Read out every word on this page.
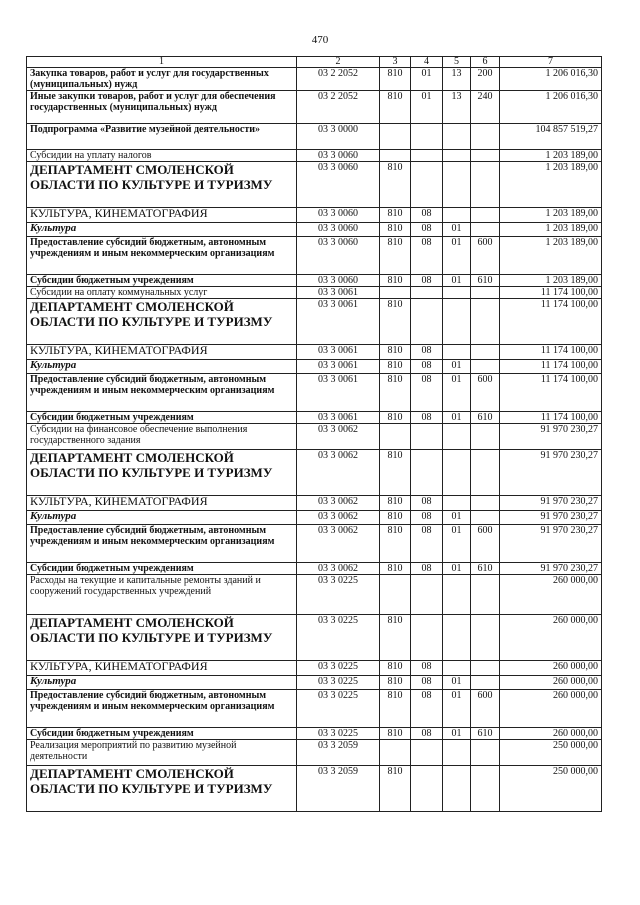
470
1	2	3	4	5	6	7
Закупка товаров, работ и услуг для государственных (муниципальных) нужд	03 2 2052	810	01	13	200	1 206 016,30
Иные закупки товаров, работ и услуг для обеспечения государственных (муниципальных) нужд	03 2 2052	810	01	13	240	1 206 016,30
Подпрограмма «Развитие музейной деятельности»	03 3 0000					104 857 519,27
Субсидии на уплату налогов	03 3 0060					1 203 189,00
ДЕПАРТАМЕНТ СМОЛЕНСКОЙ ОБЛАСТИ ПО КУЛЬТУРЕ И ТУРИЗМУ	03 3 0060	810				1 203 189,00
КУЛЬТУРА, КИНЕМАТОГРАФИЯ	03 3 0060	810	08			1 203 189,00
Культура	03 3 0060	810	08	01		1 203 189,00
Предоставление субсидий бюджетным, автономным учреждениям и иным некоммерческим организациям	03 3 0060	810	08	01	600	1 203 189,00
Субсидии бюджетным учреждениям	03 3 0060	810	08	01	610	1 203 189,00
Субсидии на оплату коммунальных услуг	03 3 0061					11 174 100,00
ДЕПАРТАМЕНТ СМОЛЕНСКОЙ ОБЛАСТИ ПО КУЛЬТУРЕ И ТУРИЗМУ	03 3 0061	810				11 174 100,00
КУЛЬТУРА, КИНЕМАТОГРАФИЯ	03 3 0061	810	08			11 174 100,00
Культура	03 3 0061	810	08	01		11 174 100,00
Предоставление субсидий бюджетным, автономным учреждениям и иным некоммерческим организациям	03 3 0061	810	08	01	600	11 174 100,00
Субсидии бюджетным учреждениям	03 3 0061	810	08	01	610	11 174 100,00
Субсидии на финансовое обеспечение выполнения государственного задания	03 3 0062					91 970 230,27
ДЕПАРТАМЕНТ СМОЛЕНСКОЙ ОБЛАСТИ ПО КУЛЬТУРЕ И ТУРИЗМУ	03 3 0062	810				91 970 230,27
КУЛЬТУРА, КИНЕМАТОГРАФИЯ	03 3 0062	810	08			91 970 230,27
Культура	03 3 0062	810	08	01		91 970 230,27
Предоставление субсидий бюджетным, автономным учреждениям и иным некоммерческим организациям	03 3 0062	810	08	01	600	91 970 230,27
Субсидии бюджетным учреждениям	03 3 0062	810	08	01	610	91 970 230,27
Расходы на текущие и капитальные ремонты зданий и сооружений государственных учреждений	03 3 0225					260 000,00
ДЕПАРТАМЕНТ СМОЛЕНСКОЙ ОБЛАСТИ ПО КУЛЬТУРЕ И ТУРИЗМУ	03 3 0225	810				260 000,00
КУЛЬТУРА, КИНЕМАТОГРАФИЯ	03 3 0225	810	08			260 000,00
Культура	03 3 0225	810	08	01		260 000,00
Предоставление субсидий бюджетным, автономным учреждениям и иным некоммерческим организациям	03 3 0225	810	08	01	600	260 000,00
Субсидии бюджетным учреждениям	03 3 0225	810	08	01	610	260 000,00
Реализация мероприятий по развитию музейной деятельности	03 3 2059					250 000,00
ДЕПАРТАМЕНТ СМОЛЕНСКОЙ ОБЛАСТИ ПО КУЛЬТУРЕ И ТУРИЗМУ	03 3 2059	810				250 000,00
